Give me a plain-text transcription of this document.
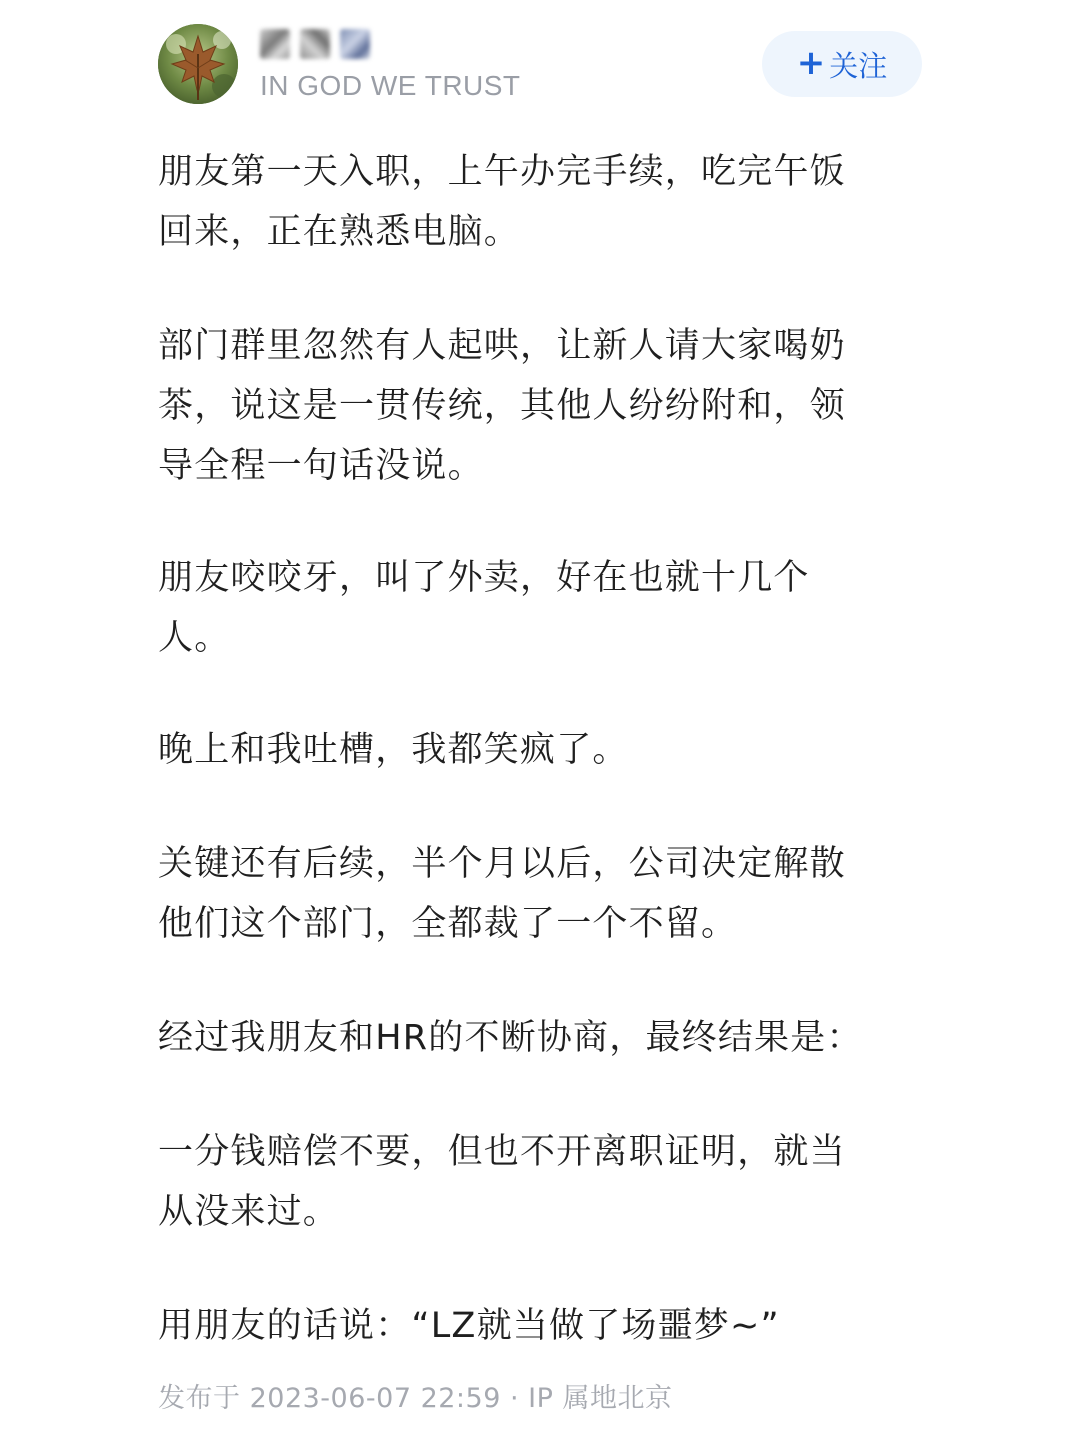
IN GOD WE TRUST
+ 关注

朋友第一天入职，上午办完手续，吃完午饭
回来，正在熟悉电脑。

部门群里忽然有人起哄，让新人请大家喝奶
茶，说这是一贯传统，其他人纷纷附和，领
导全程一句话没说。

朋友咬咬牙，叫了外卖，好在也就十几个
人。

晚上和我吐槽，我都笑疯了。

关键还有后续，半个月以后，公司决定解散
他们这个部门，全都裁了一个不留。

经过我朋友和HR的不断协商，最终结果是：

一分钱赔偿不要，但也不开离职证明，就当
从没来过。

用朋友的话说：“LZ就当做了场噩梦~”

发布于 2023-06-07 22:59 · IP 属地北京
